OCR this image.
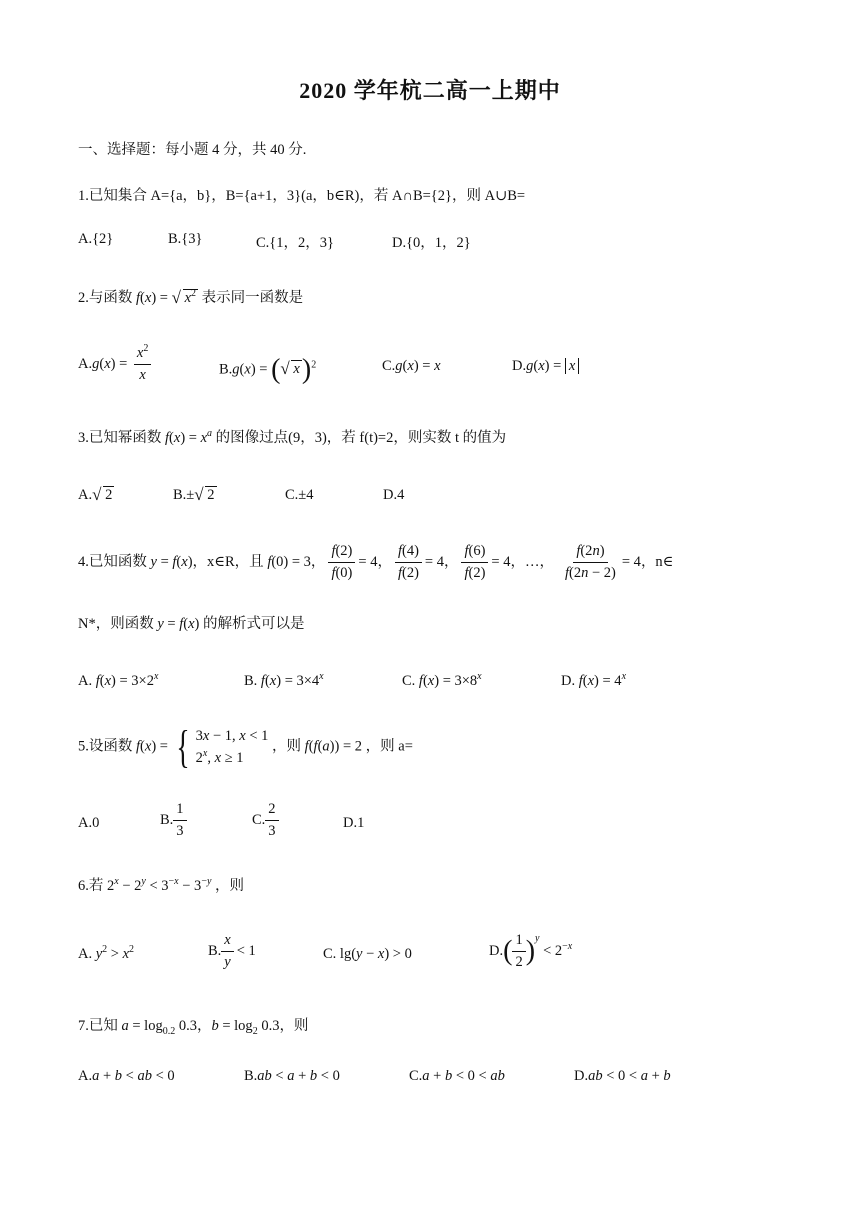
2020 学年杭二高一上期中
一、选择题：每小题 4 分，共 40 分.
1.已知集合 A={a，b}，B={a+1，3}(a，b∈R)，若 A∩B={2}，则 A∪B=
A.{2}	B.{3}	C.{1，2，3}	D.{0，1，2}
2.与函数 f(x) = √ $x^2$ 表示同一函数是
$A.g(x) = \frac{x^2}{x}$	B.g(x) = ( √ x)$^2$	C.g(x) = x	D.g(x) = x
3.已知幂函数 $f(x) = x^a$ 的图像过点(9，3)，若 f(t)=2，则实数 t 的值为
A. √ 2	B.± √ 2	C.±4	D.4
4.已知函数 y = f(x)，x∈R，且 f(0) = 3， $\frac{f(2)}{f(0)} = 4$， $\frac{f(4)}{f(2)} = 4$， $\frac{f(6)}{f(2)} = 4$，…， $\frac{f(2n)}{f(2n - 2)} = 4$，n∈
N*，则函数 y = f(x) 的解析式可以是
A. $f(x) = 3\times 2^x$	B. $f(x) = 3\times 4^x$	C. $f(x) = 3\times 8^x$	D. $f(x) = 4^x$
5.设函数 f(x) = { 3x − 1, x < 1
2$^x$, x ≥ 1
，则 f(f(a)) = 2 ，则 a=
A.0	B. $\frac{1}{3}$	C. $\frac{2}{3}$	D.1
6.若 $2^x - 2^y < 3^{-x} - 3^{-y}$ ，则
A. $y^2 > x^2$	B. $\frac{x}{y} < 1$	C. lg(y − x) > 0	$D.( \frac{1}{2} )^y < 2^{-x}$
7.已知 $a = \log_{0.2} 0.3$，$b = \log_2 0.3$，则
A.a + b < ab < 0	B.ab < a + b < 0	C.a + b < 0 < ab	D.ab < 0 < a + b
